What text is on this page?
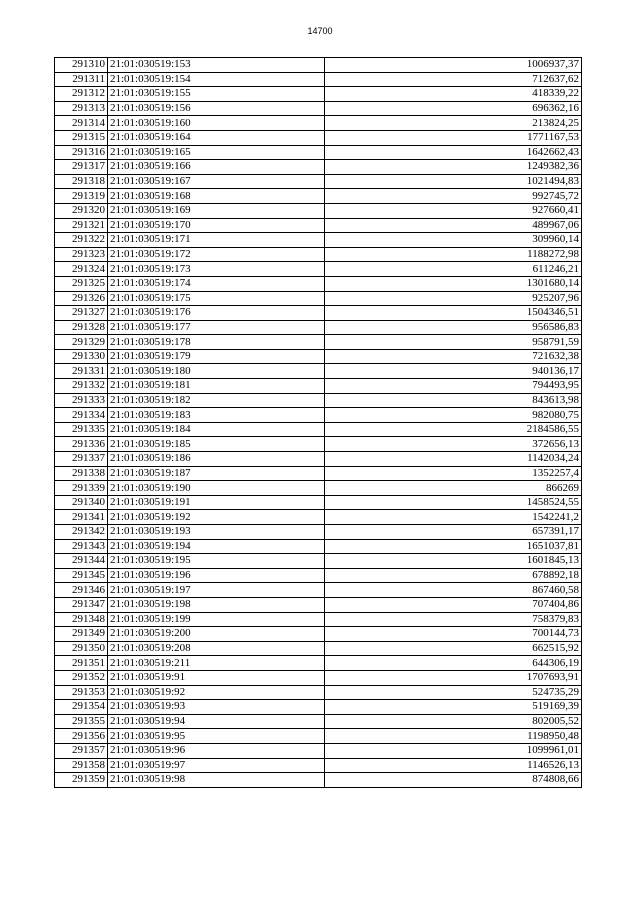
14700
291310	21:01:030519:153	1006937,37
291311	21:01:030519:154	712637,62
291312	21:01:030519:155	418339,22
291313	21:01:030519:156	696362,16
291314	21:01:030519:160	213824,25
291315	21:01:030519:164	1771167,53
291316	21:01:030519:165	1642662,43
291317	21:01:030519:166	1249382,36
291318	21:01:030519:167	1021494,83
291319	21:01:030519:168	992745,72
291320	21:01:030519:169	927660,41
291321	21:01:030519:170	489967,06
291322	21:01:030519:171	309960,14
291323	21:01:030519:172	1188272,98
291324	21:01:030519:173	611246,21
291325	21:01:030519:174	1301680,14
291326	21:01:030519:175	925207,96
291327	21:01:030519:176	1504346,51
291328	21:01:030519:177	956586,83
291329	21:01:030519:178	958791,59
291330	21:01:030519:179	721632,38
291331	21:01:030519:180	940136,17
291332	21:01:030519:181	794493,95
291333	21:01:030519:182	843613,98
291334	21:01:030519:183	982080,75
291335	21:01:030519:184	2184586,55
291336	21:01:030519:185	372656,13
291337	21:01:030519:186	1142034,24
291338	21:01:030519:187	1352257,4
291339	21:01:030519:190	866269
291340	21:01:030519:191	1458524,55
291341	21:01:030519:192	1542241,2
291342	21:01:030519:193	657391,17
291343	21:01:030519:194	1651037,81
291344	21:01:030519:195	1601845,13
291345	21:01:030519:196	678892,18
291346	21:01:030519:197	867460,58
291347	21:01:030519:198	707404,86
291348	21:01:030519:199	758379,83
291349	21:01:030519:200	700144,73
291350	21:01:030519:208	662515,92
291351	21:01:030519:211	644306,19
291352	21:01:030519:91	1707693,91
291353	21:01:030519:92	524735,29
291354	21:01:030519:93	519169,39
291355	21:01:030519:94	802005,52
291356	21:01:030519:95	1198950,48
291357	21:01:030519:96	1099961,01
291358	21:01:030519:97	1146526,13
291359	21:01:030519:98	874808,66
